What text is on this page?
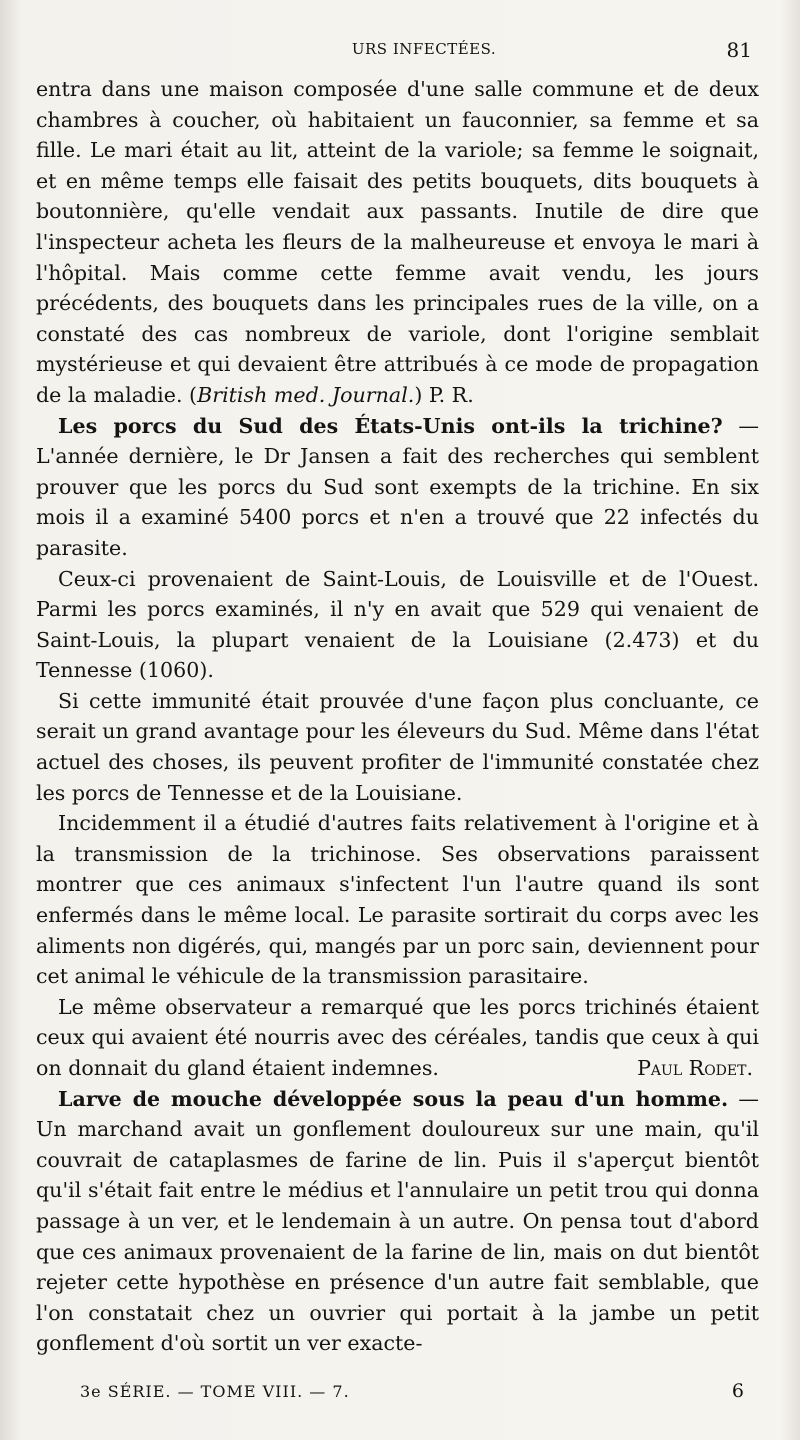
URS INFECTÉES.	81

entra dans une maison composée d'une salle commune et de deux chambres à coucher, où habitaient un fauconnier, sa femme et sa fille. Le mari était au lit, atteint de la variole; sa femme le soignait, et en même temps elle faisait des petits bouquets, dits bouquets à boutonnière, qu'elle vendait aux passants. Inutile de dire que l'inspecteur acheta les fleurs de la malheureuse et envoya le mari à l'hôpital. Mais comme cette femme avait vendu, les jours précédents, des bouquets dans les principales rues de la ville, on a constaté des cas nombreux de variole, dont l'origine semblait mystérieuse et qui devaient être attribués à ce mode de propagation de la maladie. (British med. Journal.) P. R.

Les porcs du Sud des États-Unis ont-ils la trichine? — L'année dernière, le Dr Jansen a fait des recherches qui semblent prouver que les porcs du Sud sont exempts de la trichine. En six mois il a examiné 5400 porcs et n'en a trouvé que 22 infectés du parasite.

Ceux-ci provenaient de Saint-Louis, de Louisville et de l'Ouest. Parmi les porcs examinés, il n'y en avait que 529 qui venaient de Saint-Louis, la plupart venaient de la Louisiane (2.473) et du Tennesse (1060).

Si cette immunité était prouvée d'une façon plus concluante, ce serait un grand avantage pour les éleveurs du Sud. Même dans l'état actuel des choses, ils peuvent profiter de l'immunité constatée chez les porcs de Tennesse et de la Louisiane.

Incidemment il a étudié d'autres faits relativement à l'origine et à la transmission de la trichinose. Ses observations paraissent montrer que ces animaux s'infectent l'un l'autre quand ils sont enfermés dans le même local. Le parasite sortirait du corps avec les aliments non digérés, qui, mangés par un porc sain, deviennent pour cet animal le véhicule de la transmission parasitaire.

Le même observateur a remarqué que les porcs trichinés étaient ceux qui avaient été nourris avec des céréales, tandis que ceux à qui on donnait du gland étaient indemnes.	Paul Rodet.

Larve de mouche développée sous la peau d'un homme. — Un marchand avait un gonflement douloureux sur une main, qu'il couvrait de cataplasmes de farine de lin. Puis il s'aperçut bientôt qu'il s'était fait entre le médius et l'annulaire un petit trou qui donna passage à un ver, et le lendemain à un autre. On pensa tout d'abord que ces animaux provenaient de la farine de lin, mais on dut bientôt rejeter cette hypothèse en présence d'un autre fait semblable, que l'on constatait chez un ouvrier qui portait à la jambe un petit gonflement d'où sortit un ver exacte-

3e SÉRIE. — TOME VIII. — 7.	6
